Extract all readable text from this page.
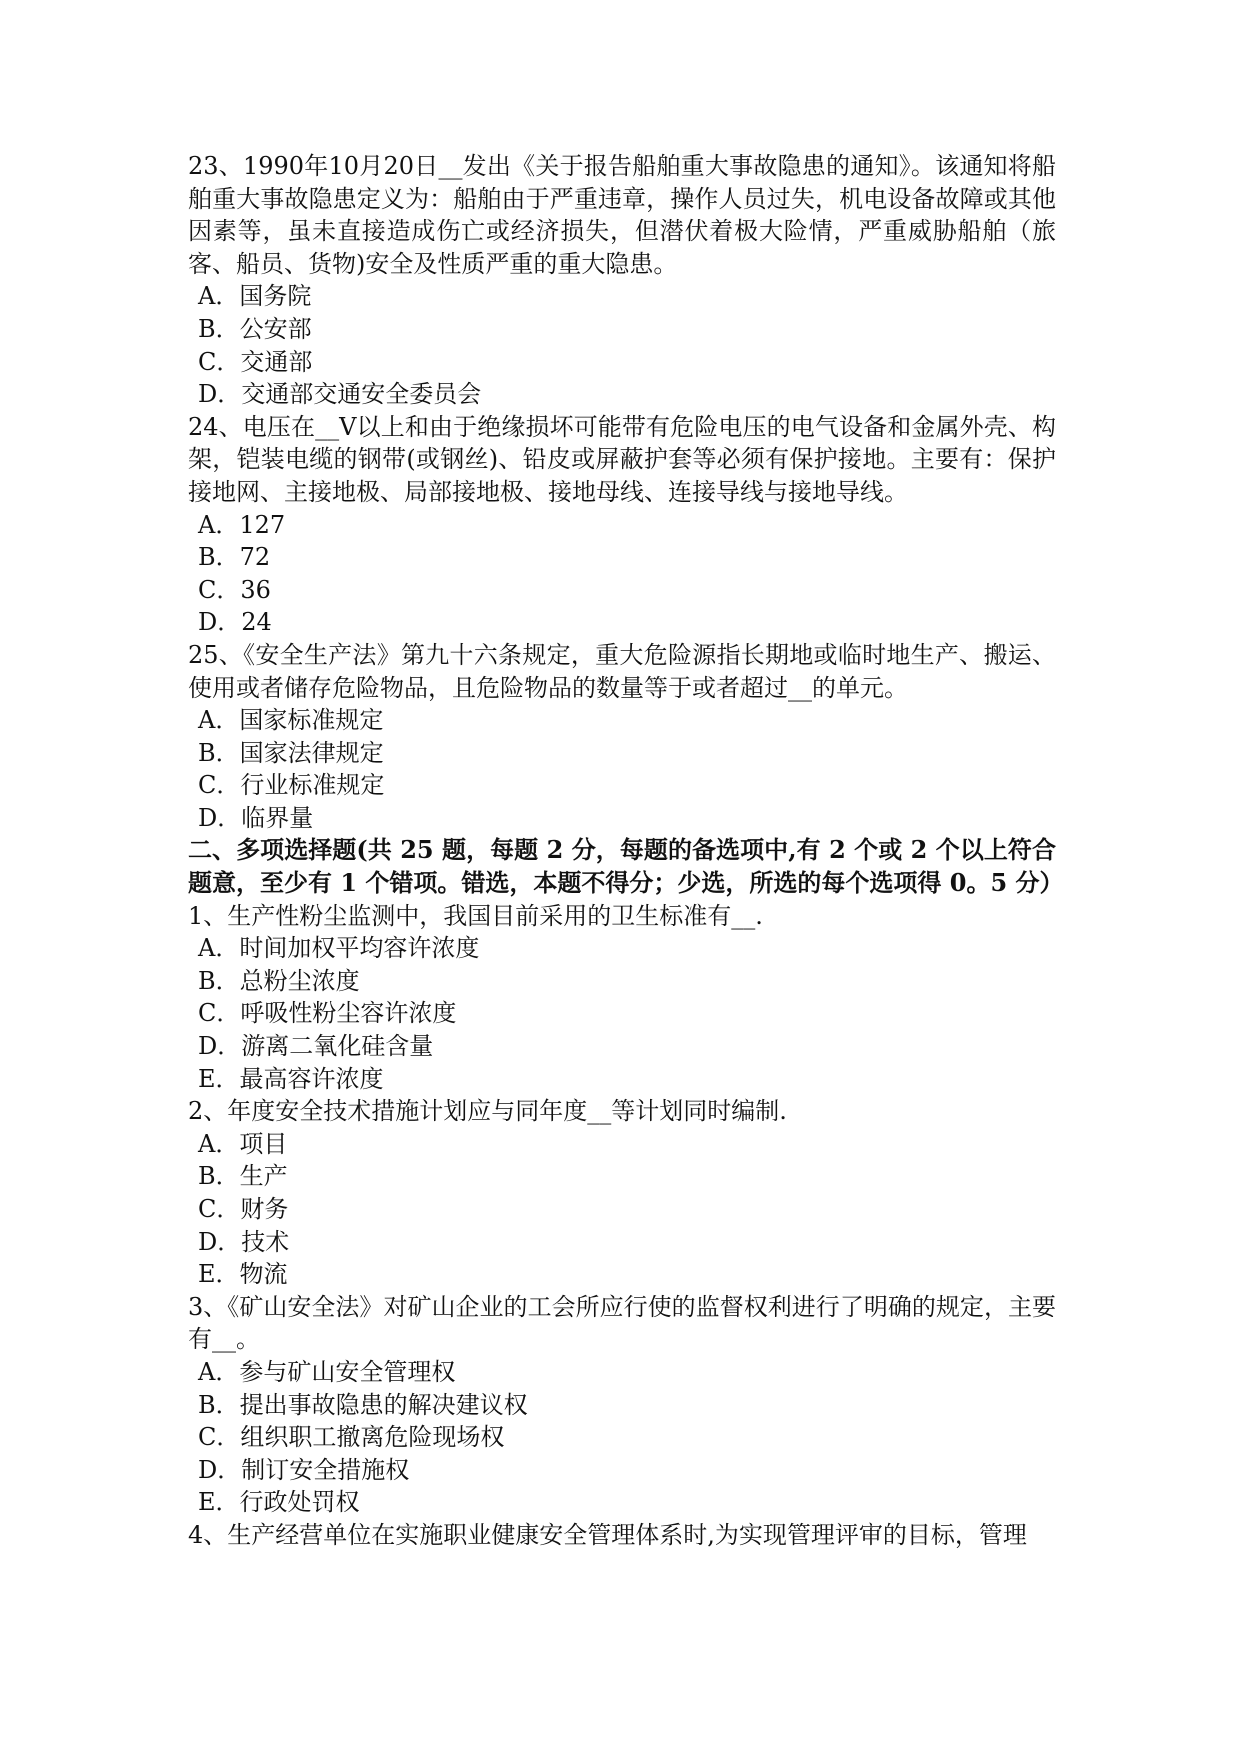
23、1990年10月20日__发出《关于报告船舶重大事故隐患的通知》。该通知将船舶重大事故隐患定义为：船舶由于严重违章，操作人员过失，机电设备故障或其他因素等，虽未直接造成伤亡或经济损失，但潜伏着极大险情，严重威胁船舶（旅客、船员、货物)安全及性质严重的重大隐患。

A．国务院

B．公安部

C．交通部

D．交通部交通安全委员会

24、电压在__V以上和由于绝缘损坏可能带有危险电压的电气设备和金属外壳、构架，铠装电缆的钢带(或钢丝)、铅皮或屏蔽护套等必须有保护接地。主要有：保护接地网、主接地极、局部接地极、接地母线、连接导线与接地导线。

A．127

B．72

C．36

D．24

25、《安全生产法》第九十六条规定，重大危险源指长期地或临时地生产、搬运、使用或者储存危险物品，且危险物品的数量等于或者超过__的单元。

A．国家标准规定

B．国家法律规定

C．行业标准规定

D．临界量

二、多项选择题(共 25 题，每题 2 分，每题的备选项中,有 2 个或 2 个以上符合题意，至少有 1 个错项。错选，本题不得分；少选，所选的每个选项得 0。5 分）

1、生产性粉尘监测中，我国目前采用的卫生标准有__.

A．时间加权平均容许浓度

B．总粉尘浓度

C．呼吸性粉尘容许浓度

D．游离二氧化硅含量

E．最高容许浓度

2、年度安全技术措施计划应与同年度__等计划同时编制.

A．项目

B．生产

C．财务

D．技术

E．物流

3、《矿山安全法》对矿山企业的工会所应行使的监督权利进行了明确的规定，主要有__。

A．参与矿山安全管理权

B．提出事故隐患的解决建议权

C．组织职工撤离危险现场权

D．制订安全措施权

E．行政处罚权

4、生产经营单位在实施职业健康安全管理体系时,为实现管理评审的目标，管理
